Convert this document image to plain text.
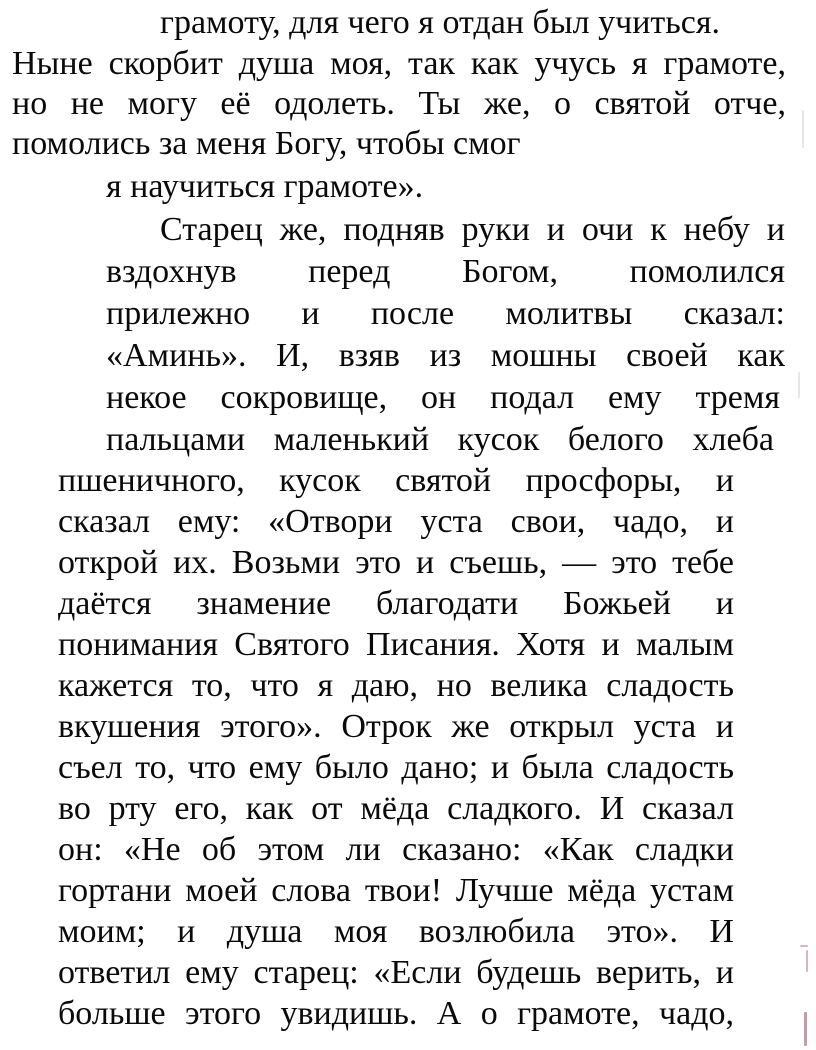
грамоту, для чего я отдан был учиться.

Ныне скорбит душа моя, так как учусь я грамоте,

но не могу её одолеть. Ты же, о святой отче,

помолись за меня Богу, чтобы смог

я научиться грамоте».

Старец же, подняв руки и очи к небу и

вздохнув перед Богом, помолился

прилежно и после молитвы сказал:

«Аминь». И, взяв из мошны своей как

некое сокровище, он подал ему тремя

пальцами маленький кусок белого хлеба

пшеничного, кусок святой просфоры, и

сказал ему: «Отвори уста свои, чадо, и

открой их. Возьми это и съешь, — это тебе

даётся знамение благодати Божьей и

понимания Святого Писания. Хотя и малым

кажется то, что я даю, но велика сладость

вкушения этого». Отрок же открыл уста и

съел то, что ему было дано; и была сладость

во рту его, как от мёда сладкого. И сказал

он: «Не об этом ли сказано: «Как сладки

гортани моей слова твои! Лучше мёда устам

моим; и душа моя возлюбила это». И

ответил ему старец: «Если будешь верить, и

больше этого увидишь. А о грамоте, чадо,
